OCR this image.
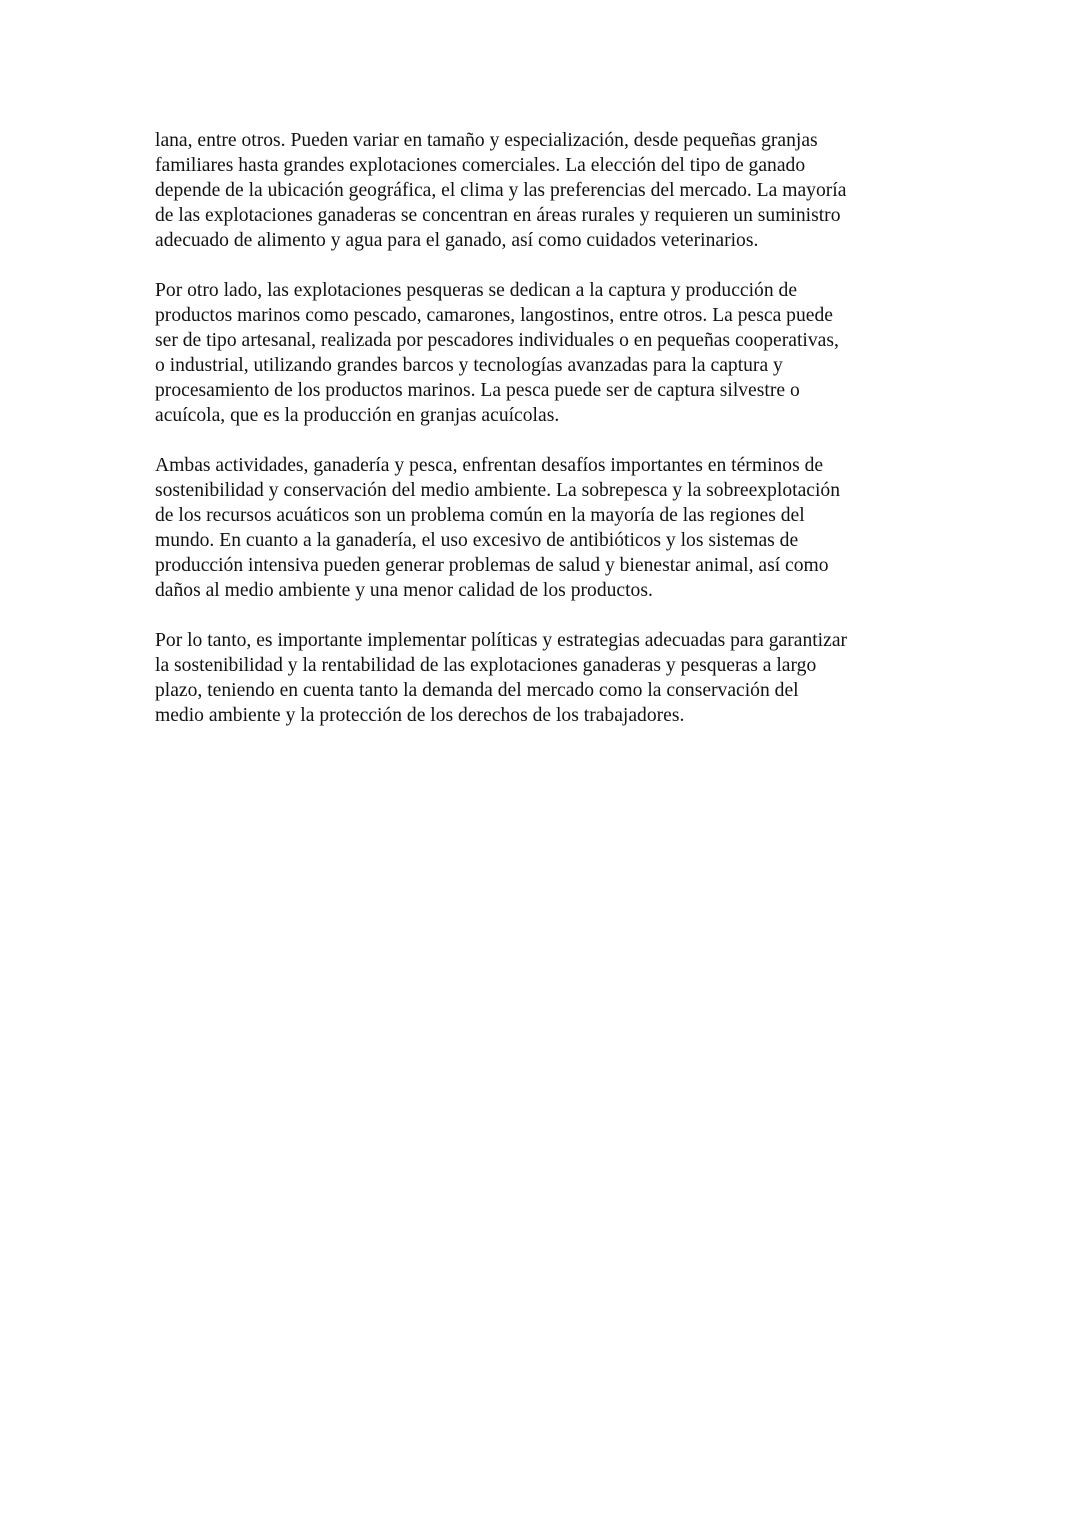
lana, entre otros. Pueden variar en tamaño y especialización, desde pequeñas granjas
familiares hasta grandes explotaciones comerciales. La elección del tipo de ganado
depende de la ubicación geográfica, el clima y las preferencias del mercado. La mayoría
de las explotaciones ganaderas se concentran en áreas rurales y requieren un suministro
adecuado de alimento y agua para el ganado, así como cuidados veterinarios.

Por otro lado, las explotaciones pesqueras se dedican a la captura y producción de
productos marinos como pescado, camarones, langostinos, entre otros. La pesca puede
ser de tipo artesanal, realizada por pescadores individuales o en pequeñas cooperativas,
o industrial, utilizando grandes barcos y tecnologías avanzadas para la captura y
procesamiento de los productos marinos. La pesca puede ser de captura silvestre o
acuícola, que es la producción en granjas acuícolas.

Ambas actividades, ganadería y pesca, enfrentan desafíos importantes en términos de
sostenibilidad y conservación del medio ambiente. La sobrepesca y la sobreexplotación
de los recursos acuáticos son un problema común en la mayoría de las regiones del
mundo. En cuanto a la ganadería, el uso excesivo de antibióticos y los sistemas de
producción intensiva pueden generar problemas de salud y bienestar animal, así como
daños al medio ambiente y una menor calidad de los productos.

Por lo tanto, es importante implementar políticas y estrategias adecuadas para garantizar
la sostenibilidad y la rentabilidad de las explotaciones ganaderas y pesqueras a largo
plazo, teniendo en cuenta tanto la demanda del mercado como la conservación del
medio ambiente y la protección de los derechos de los trabajadores.
